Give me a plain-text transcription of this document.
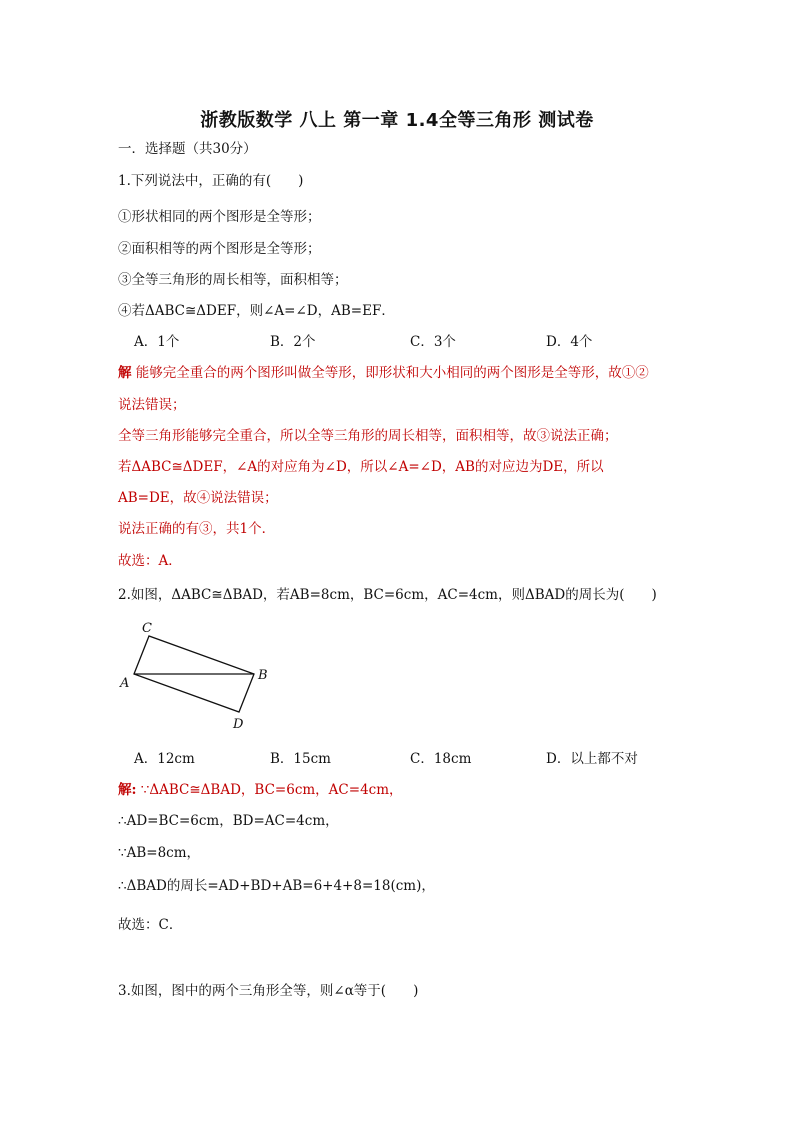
浙教版数学 八上 第一章 1.4全等三角形 测试卷
一．选择题（共30分）
1.下列说法中，正确的有(　　)
①形状相同的两个图形是全等形；
②面积相等的两个图形是全等形；
③全等三角形的周长相等，面积相等；
④若ΔABC≅ΔDEF，则∠A=∠D，AB=EF．
A．1个	B．2个	C．3个	D．4个
解 能够完全重合的两个图形叫做全等形，即形状和大小相同的两个图形是全等形，故①②
说法错误；
全等三角形能够完全重合，所以全等三角形的周长相等，面积相等，故③说法正确；
若ΔABC≅ΔDEF，∠A的对应角为∠D，所以∠A=∠D，AB的对应边为DE，所以
AB=DE，故④说法错误；
说法正确的有③，共1个．
故选：A．
2.如图，ΔABC≅ΔBAD，若AB=8cm，BC=6cm，AC=4cm，则ΔBAD的周长为(　　)
C
A
B
D
A．12cm	B．15cm	C．18cm	D．以上都不对
解: ∵ΔABC≅ΔBAD，BC=6cm，AC=4cm，
∴AD=BC=6cm，BD=AC=4cm，
∵AB=8cm，
∴ΔBAD的周长=AD+BD+AB=6+4+8=18(cm)，
故选：C．
3.如图，图中的两个三角形全等，则∠α等于(　　)
